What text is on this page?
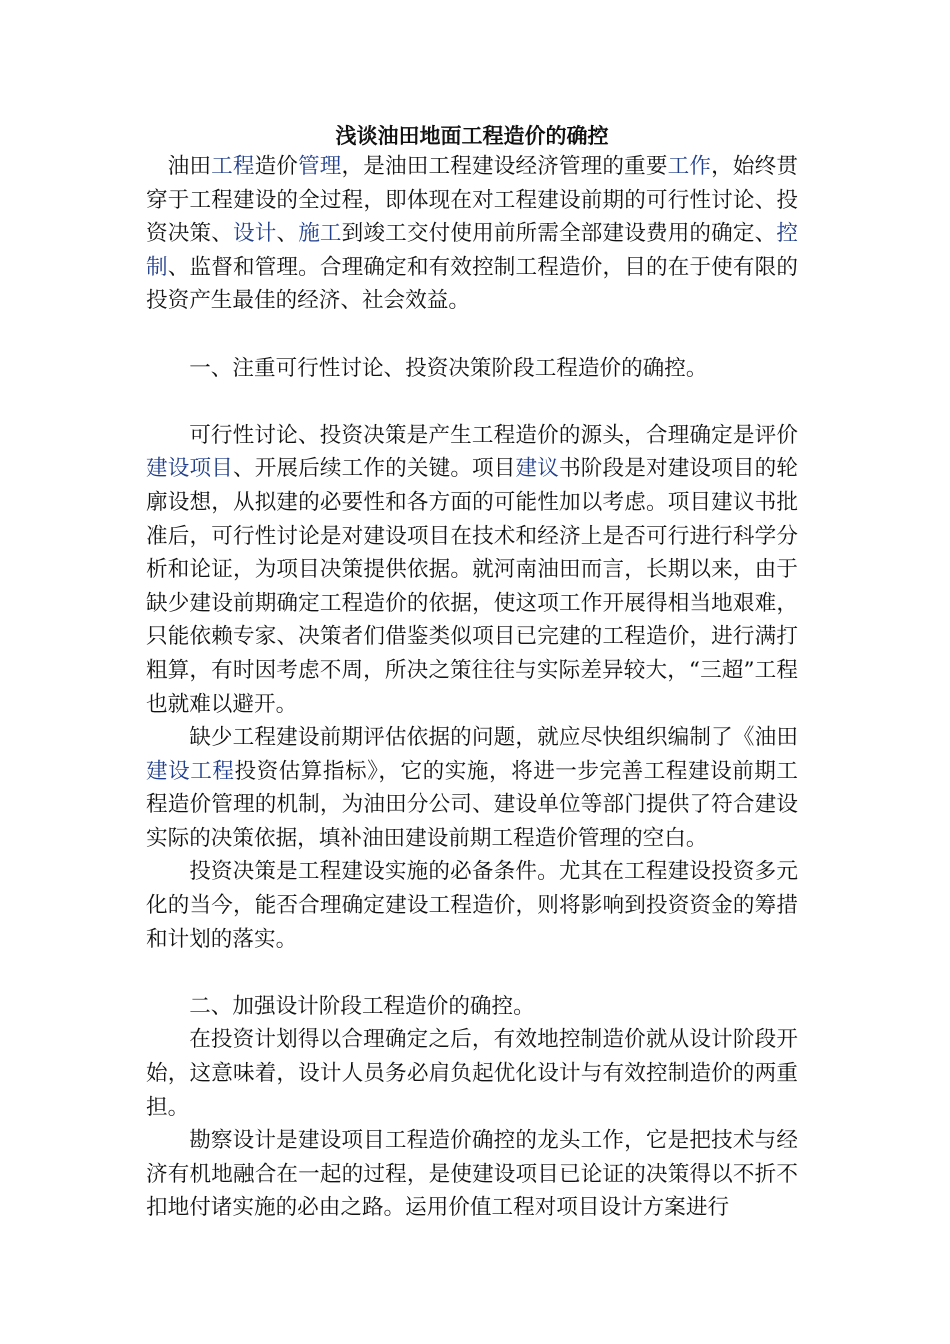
浅谈油田地面工程造价的确控

油田工程造价管理，是油田工程建设经济管理的重要工作，始终贯穿于工程建设的全过程，即体现在对工程建设前期的可行性讨论、投资决策、设计、施工到竣工交付使用前所需全部建设费用的确定、控制、监督和管理。合理确定和有效控制工程造价，目的在于使有限的投资产生最佳的经济、社会效益。

一、注重可行性讨论、投资决策阶段工程造价的确控。

可行性讨论、投资决策是产生工程造价的源头，合理确定是评价建设项目、开展后续工作的关键。项目建议书阶段是对建设项目的轮廓设想，从拟建的必要性和各方面的可能性加以考虑。项目建议书批准后，可行性讨论是对建设项目在技术和经济上是否可行进行科学分析和论证，为项目决策提供依据。就河南油田而言，长期以来，由于缺少建设前期确定工程造价的依据，使这项工作开展得相当地艰难，只能依赖专家、决策者们借鉴类似项目已完建的工程造价，进行满打粗算，有时因考虑不周，所决之策往往与实际差异较大，“三超”工程也就难以避开。

缺少工程建设前期评估依据的问题，就应尽快组织编制了《油田建设工程投资估算指标》，它的实施，将进一步完善工程建设前期工程造价管理的机制，为油田分公司、建设单位等部门提供了符合建设实际的决策依据，填补油田建设前期工程造价管理的空白。

投资决策是工程建设实施的必备条件。尤其在工程建设投资多元化的当今，能否合理确定建设工程造价，则将影响到投资资金的筹措和计划的落实。

二、加强设计阶段工程造价的确控。

在投资计划得以合理确定之后，有效地控制造价就从设计阶段开始，这意味着，设计人员务必肩负起优化设计与有效控制造价的两重担。

勘察设计是建设项目工程造价确控的龙头工作，它是把技术与经济有机地融合在一起的过程，是使建设项目已论证的决策得以不折不扣地付诸实施的必由之路。运用价值工程对项目设计方案进行
